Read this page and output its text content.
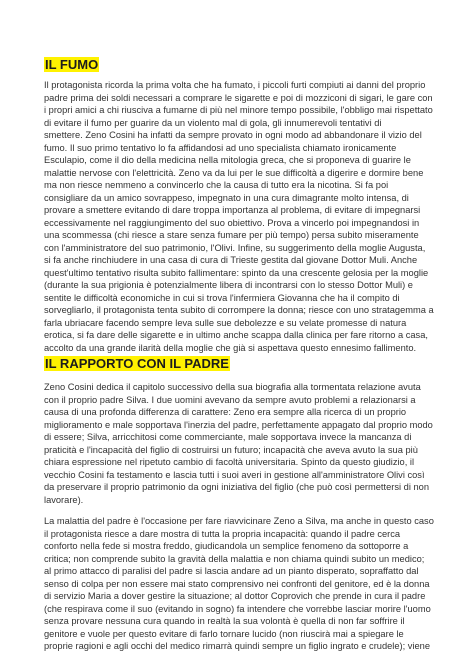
IL FUMO
Il protagonista ricorda la prima volta che ha fumato, i piccoli furti compiuti ai danni del proprio
padre prima dei soldi necessari a comprare le sigarette e poi di mozziconi di sigari, le gare con
i propri amici a chi riusciva a fumarne di più nel minore tempo possibile, l'obbligo mai rispettato
di evitare il fumo per guarire da un violento mal di gola, gli innumerevoli tentativi di
smettere. Zeno Cosini ha infatti da sempre provato in ogni modo ad abbandonare il vizio del
fumo. Il suo primo tentativo lo fa affidandosi ad uno specialista chiamato ironicamente
Esculapio, come il dio della medicina nella mitologia greca, che si proponeva di guarire le
malattie nervose con l'elettricità. Zeno va da lui per le sue difficoltà a digerire e dormire bene
ma non riesce nemmeno a convincerlo che la causa di tutto era la nicotina. Si fa poi
consigliare da un amico sovrappeso, impegnato in una cura dimagrante molto intensa, di
provare a smettere evitando di dare troppa importanza al problema, di evitare di impegnarsi
eccessivamente nel raggiungimento del suo obiettivo. Prova a vincerlo poi impegnandosi in
una scommessa (chi riesce a stare senza fumare per più tempo) persa subito miseramente
con l'amministratore del suo patrimonio, l'Olivi. Infine, su suggerimento della moglie Augusta,
si fa anche rinchiudere in una casa di cura di Trieste gestita dal giovane Dottor Muli. Anche
quest'ultimo tentativo risulta subito fallimentare: spinto da una crescente gelosia per la moglie
(durante la sua prigionia è potenzialmente libera di incontrarsi con lo stesso Dottor Muli) e
sentite le difficoltà economiche in cui si trova l'infermiera Giovanna che ha il compito di
sorvegliarlo, il protagonista tenta subito di corrompere la donna; riesce con uno stratagemma a
farla ubriacare facendo sempre leva sulle sue debolezze e su velate promesse di natura
erotica, si fa dare delle sigarette e in ultimo anche scappa dalla clinica per fare ritorno a casa,
accolto da una grande ilarità della moglie che già si aspettava questo ennesimo fallimento.
IL RAPPORTO CON IL PADRE
Zeno Cosini dedica il capitolo successivo della sua biografia alla tormentata relazione avuta
con il proprio padre Silva. I due uomini avevano da sempre avuto problemi a relazionarsi a
causa di una profonda differenza di carattere: Zeno era sempre alla ricerca di un proprio
miglioramento e male sopportava l'inerzia del padre, perfettamente appagato dal proprio modo
di essere; Silva, arricchitosi come commerciante, male sopportava invece la mancanza di
praticità e l'incapacità del figlio di costruirsi un futuro; incapacità che aveva avuto la sua più
chiara espressione nel ripetuto cambio di facoltà universitaria. Spinto da questo giudizio, il
vecchio Cosini fa testamento e lascia tutti i suoi averi in gestione all'amministratore Olivi così
da preservare il proprio patrimonio da ogni iniziativa del figlio (che può così permettersi di non
lavorare).
La malattia del padre è l'occasione per fare riavvicinare Zeno a Silva, ma anche in questo caso
il protagonista riesce a dare mostra di tutta la propria incapacità: quando il padre cerca
conforto nella fede si mostra freddo, giudicandola un semplice fenomeno da sottoporre a
critica; non comprende subito la gravità della malattia e non chiama quindi subito un medico;
al primo attacco di paralisi del padre si lascia andare ad un pianto disperato, sopraffatto dal
senso di colpa per non essere mai stato comprensivo nei confronti del genitore, ed è la donna
di servizio Maria a dover gestire la situazione; al dottor Coprovich che prende in cura il padre
(che respirava come il suo (evitando in sogno) fa intendere che vorrebbe lasciar morire l'uomo
senza provare nessuna cura quando in realtà la sua volontà è quella di non far soffrire il
genitore e vuole per questo evitare di farlo tornare lucido (non riuscirà mai a spiegare le
proprie ragioni e agli occhi del medico rimarrà quindi sempre un figlio ingrato e crudele); viene
